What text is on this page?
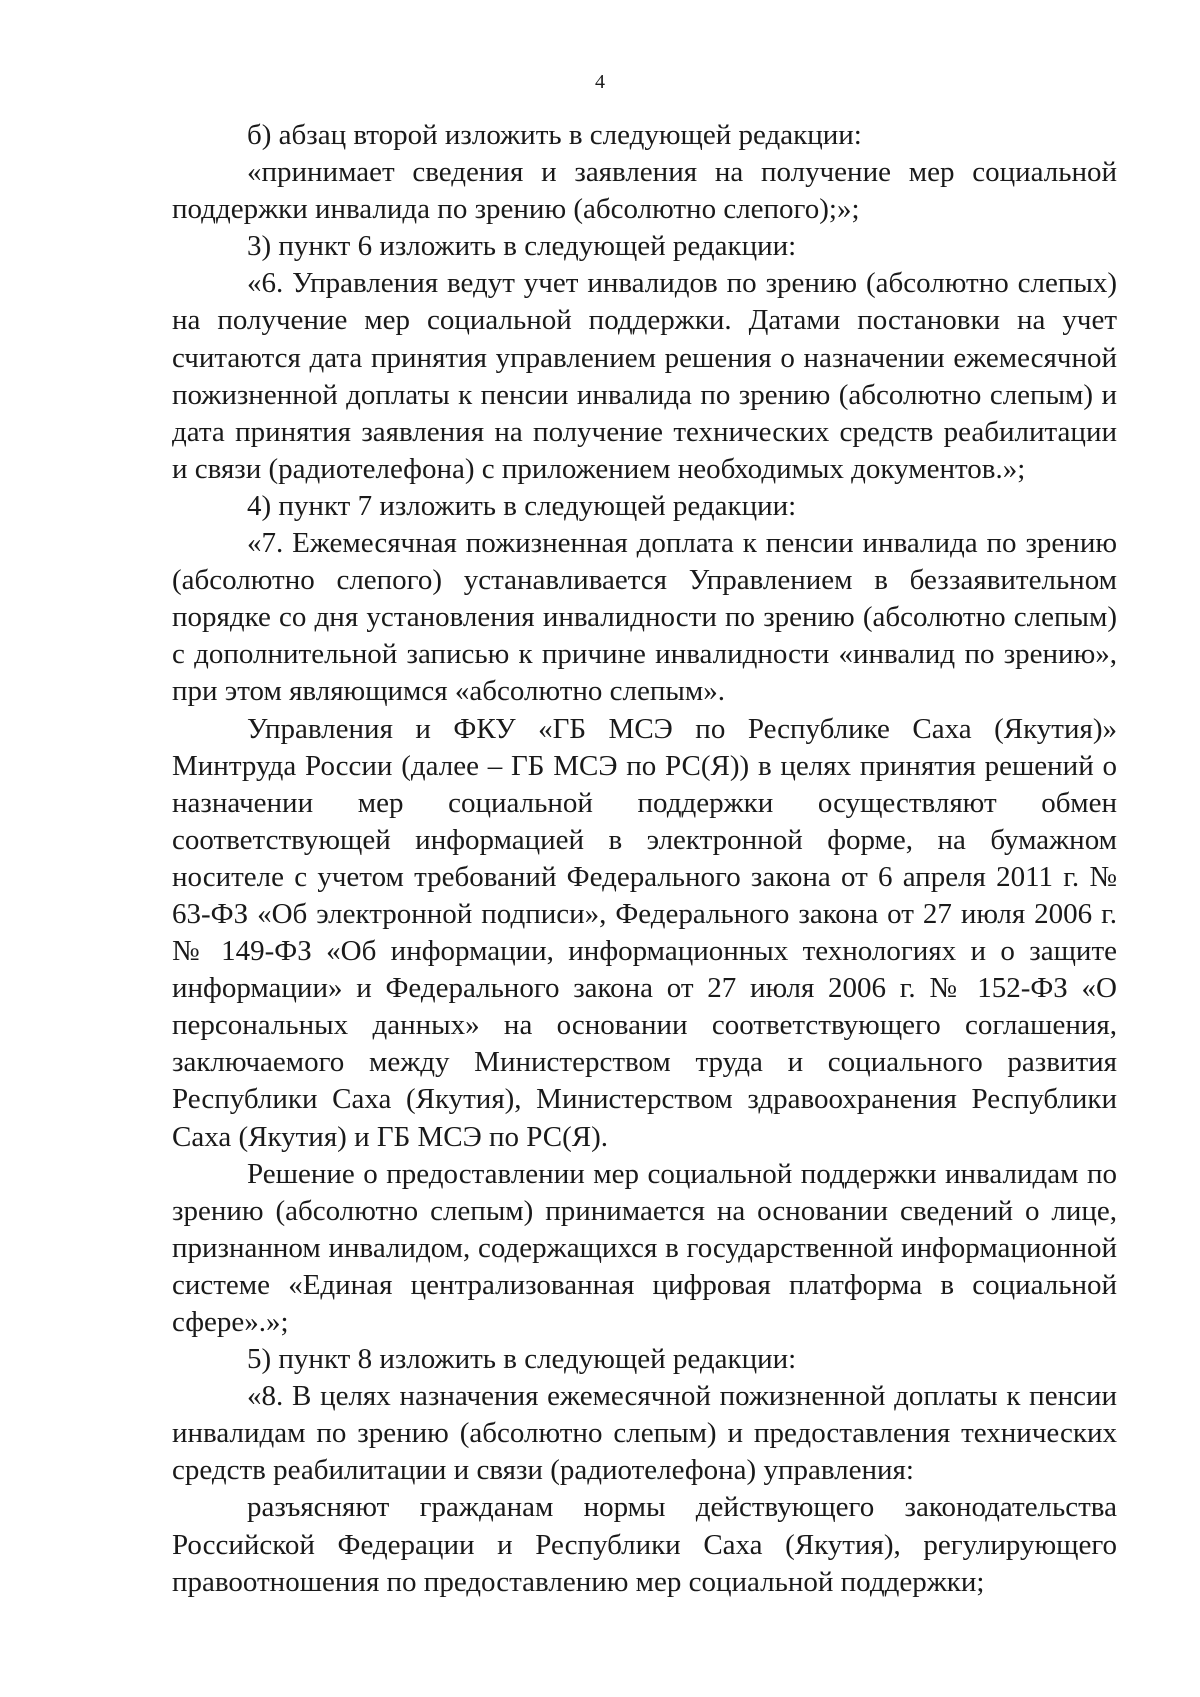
4

б) абзац второй изложить в следующей редакции:

«принимает сведения и заявления на получение мер социальной поддержки инвалида по зрению (абсолютно слепого);»;

3) пункт 6 изложить в следующей редакции:

«6. Управления ведут учет инвалидов по зрению (абсолютно слепых) на получение мер социальной поддержки. Датами постановки на учет считаются дата принятия управлением решения о назначении ежемесячной пожизненной доплаты к пенсии инвалида по зрению (абсолютно слепым) и дата принятия заявления на получение технических средств реабилитации и связи (радиотелефона) с приложением необходимых документов.»;

4) пункт 7 изложить в следующей редакции:

«7. Ежемесячная пожизненная доплата к пенсии инвалида по зрению (абсолютно слепого) устанавливается Управлением в беззаявительном порядке со дня установления инвалидности по зрению (абсолютно слепым) с дополнительной записью к причине инвалидности «инвалид по зрению», при этом являющимся «абсолютно слепым».

Управления и ФКУ «ГБ МСЭ по Республике Саха (Якутия)» Минтруда России (далее – ГБ МСЭ по РС(Я)) в целях принятия решений о назначении мер социальной поддержки осуществляют обмен соответствующей информацией в электронной форме, на бумажном носителе с учетом требований Федерального закона от 6 апреля 2011 г. № 63-ФЗ «Об электронной подписи», Федерального закона от 27 июля 2006 г. № 149-ФЗ «Об информации, информационных технологиях и о защите информации» и Федерального закона от 27 июля 2006 г. № 152-ФЗ «О персональных данных» на основании соответствующего соглашения, заключаемого между Министерством труда и социального развития Республики Саха (Якутия), Министерством здравоохранения Республики Саха (Якутия) и ГБ МСЭ по РС(Я).

Решение о предоставлении мер социальной поддержки инвалидам по зрению (абсолютно слепым) принимается на основании сведений о лице, признанном инвалидом, содержащихся в государственной информационной системе «Единая централизованная цифровая платформа в социальной сфере».»;

5) пункт 8 изложить в следующей редакции:

«8. В целях назначения ежемесячной пожизненной доплаты к пенсии инвалидам по зрению (абсолютно слепым) и предоставления технических средств реабилитации и связи (радиотелефона) управления:

разъясняют гражданам нормы действующего законодательства Российской Федерации и Республики Саха (Якутия), регулирующего правоотношения по предоставлению мер социальной поддержки;
